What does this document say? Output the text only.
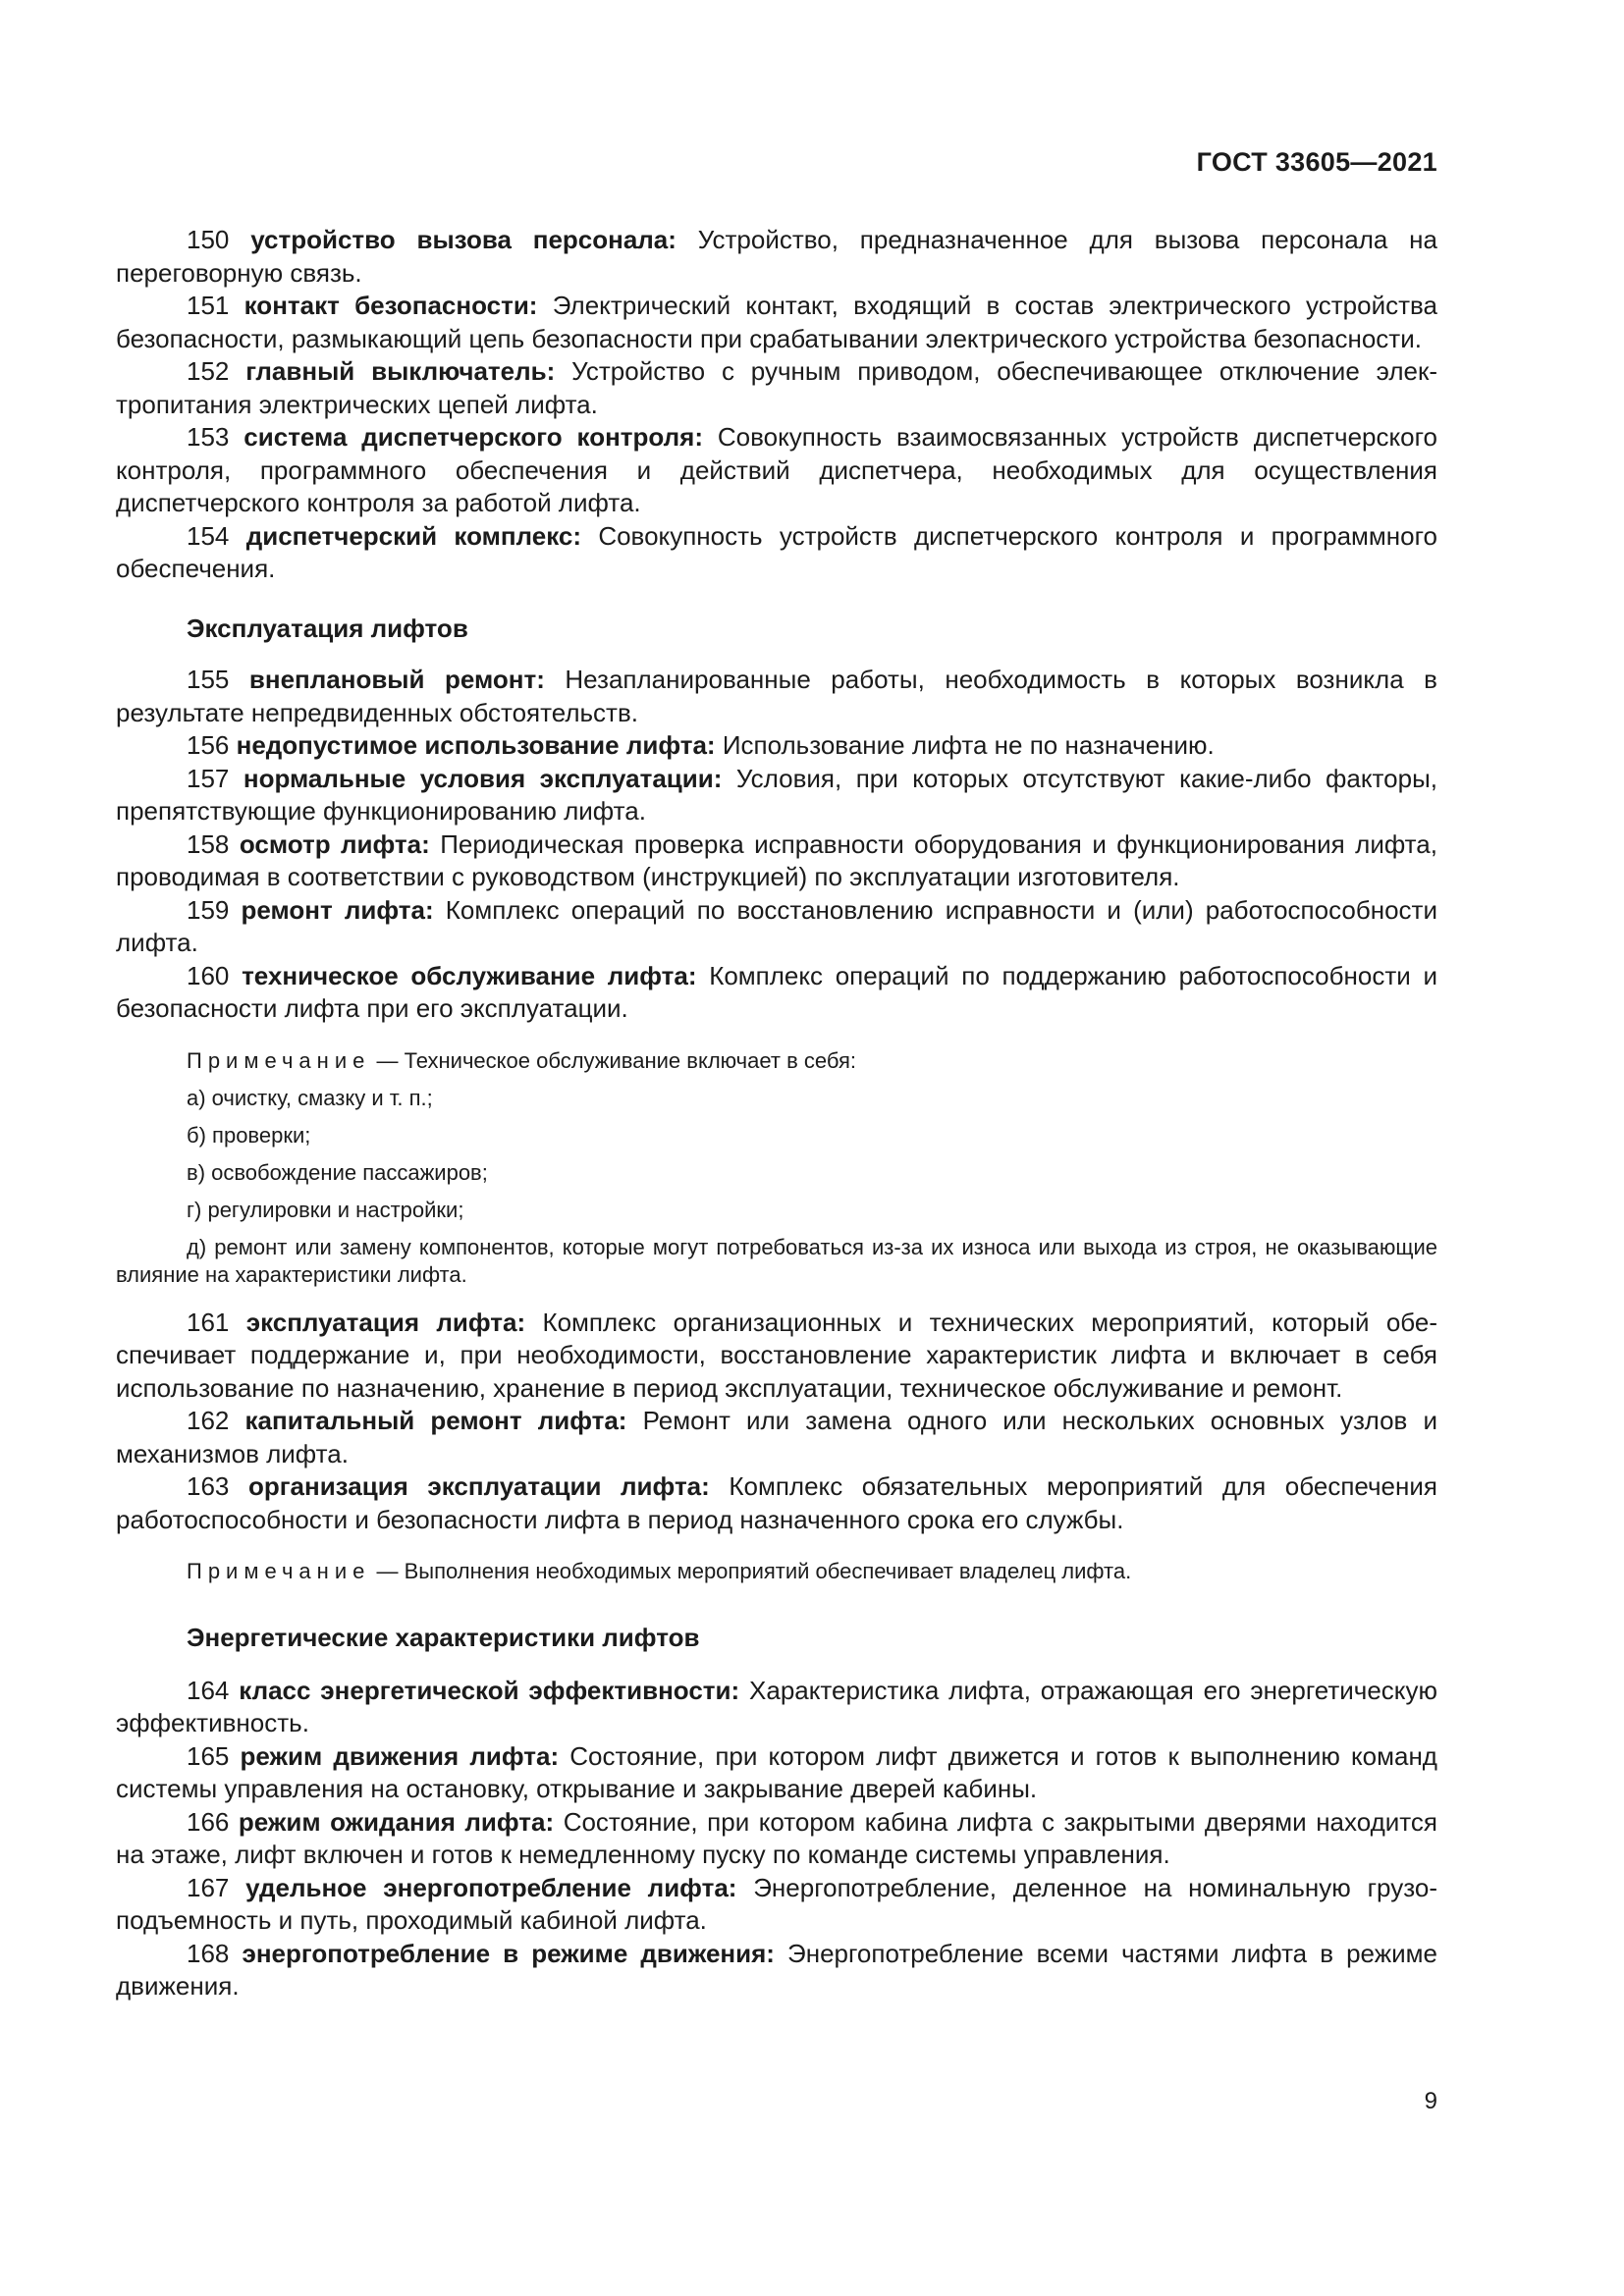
ГОСТ 33605—2021

150 устройство вызова персонала: Устройство, предназначенное для вызова персонала на переговорную связь.

151 контакт безопасности: Электрический контакт, входящий в состав электрического устройства безопасности, размыкающий цепь безопасности при срабатывании электрического устройства безопасности.

152 главный выключатель: Устройство с ручным приводом, обеспечивающее отключение электропитания электрических цепей лифта.

153 система диспетчерского контроля: Совокупность взаимосвязанных устройств диспетчерского контроля, программного обеспечения и действий диспетчера, необходимых для осуществления диспетчерского контроля за работой лифта.

154 диспетчерский комплекс: Совокупность устройств диспетчерского контроля и программного обеспечения.

Эксплуатация лифтов

155 внеплановый ремонт: Незапланированные работы, необходимость в которых возникла в результате непредвиденных обстоятельств.

156 недопустимое использование лифта: Использование лифта не по назначению.

157 нормальные условия эксплуатации: Условия, при которых отсутствуют какие-либо факторы, препятствующие функционированию лифта.

158 осмотр лифта: Периодическая проверка исправности оборудования и функционирования лифта, проводимая в соответствии с руководством (инструкцией) по эксплуатации изготовителя.

159 ремонт лифта: Комплекс операций по восстановлению исправности и (или) работоспособности лифта.

160 техническое обслуживание лифта: Комплекс операций по поддержанию работоспособности и безопасности лифта при его эксплуатации.

Примечание — Техническое обслуживание включает в себя:

а) очистку, смазку и т. п.;

б) проверки;

в) освобождение пассажиров;

г) регулировки и настройки;

д) ремонт или замену компонентов, которые могут потребоваться из-за их износа или выхода из строя, не оказывающие влияние на характеристики лифта.

161 эксплуатация лифта: Комплекс организационных и технических мероприятий, который обеспечивает поддержание и, при необходимости, восстановление характеристик лифта и включает в себя использование по назначению, хранение в период эксплуатации, техническое обслуживание и ремонт.

162 капитальный ремонт лифта: Ремонт или замена одного или нескольких основных узлов и механизмов лифта.

163 организация эксплуатации лифта: Комплекс обязательных мероприятий для обеспечения работоспособности и безопасности лифта в период назначенного срока его службы.

Примечание — Выполнения необходимых мероприятий обеспечивает владелец лифта.

Энергетические характеристики лифтов

164 класс энергетической эффективности: Характеристика лифта, отражающая его энергетическую эффективность.

165 режим движения лифта: Состояние, при котором лифт движется и готов к выполнению команд системы управления на остановку, открывание и закрывание дверей кабины.

166 режим ожидания лифта: Состояние, при котором кабина лифта с закрытыми дверями находится на этаже, лифт включен и готов к немедленному пуску по команде системы управления.

167 удельное энергопотребление лифта: Энергопотребление, деленное на номинальную грузоподъемность и путь, проходимый кабиной лифта.

168 энергопотребление в режиме движения: Энергопотребление всеми частями лифта в режиме движения.

9
